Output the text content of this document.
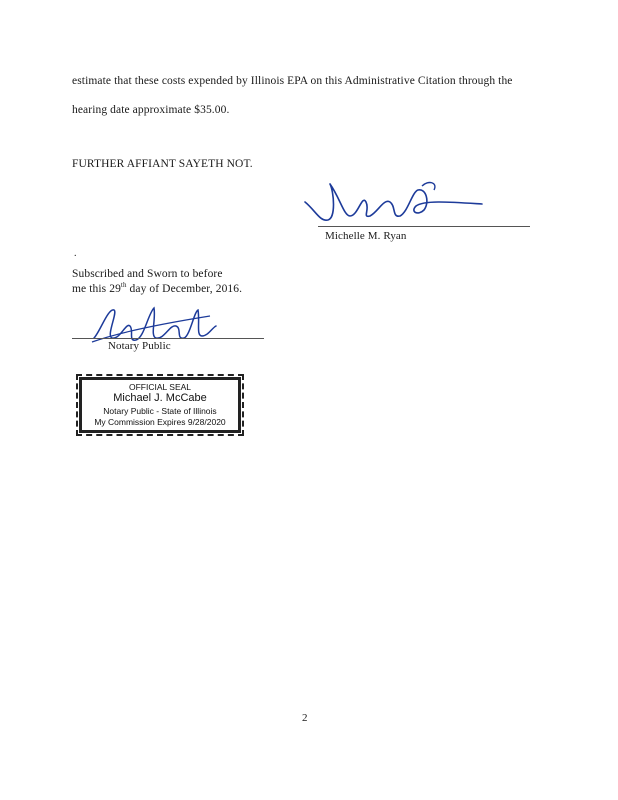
estimate that these costs expended by Illinois EPA on this Administrative Citation through the
hearing date approximate $35.00.
FURTHER AFFIANT SAYETH NOT.
Michelle M. Ryan
.
Subscribed and Sworn to before
me this 29th day of December, 2016.
Notary Public
OFFICIAL SEAL
Michael J. McCabe
Notary Public - State of Illinois
My Commission Expires 9/28/2020
2
